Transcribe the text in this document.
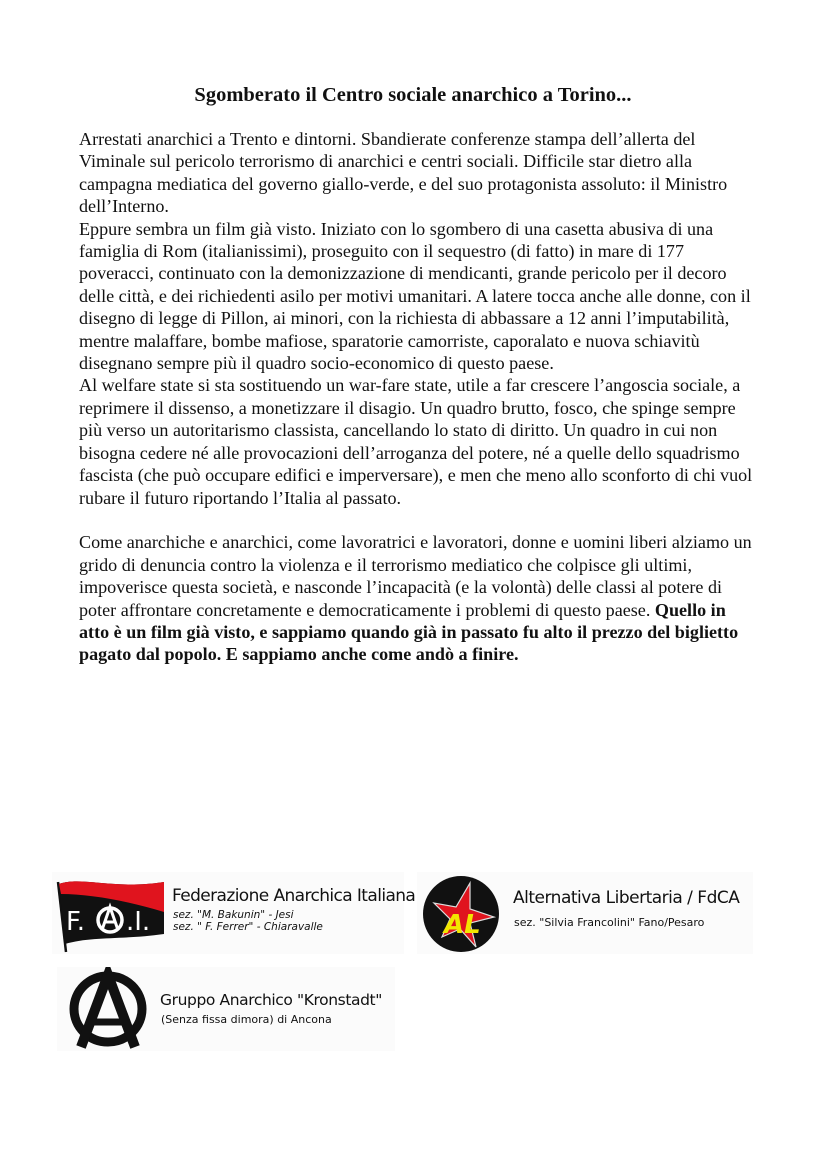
Sgomberato il Centro sociale anarchico a Torino...

Arrestati anarchici a Trento e dintorni. Sbandierate conferenze stampa dell’allerta del Viminale sul pericolo terrorismo di anarchici e centri sociali. Difficile star dietro alla campagna mediatica del governo giallo-verde, e del suo protagonista assoluto: il Ministro dell’Interno.

Eppure sembra un film già visto. Iniziato con lo sgombero di una casetta abusiva di una famiglia di Rom (italianissimi), proseguito con il sequestro (di fatto) in mare di 177 poveracci, continuato con la demonizzazione di mendicanti, grande pericolo per il decoro delle città, e dei richiedenti asilo per motivi umanitari. A latere tocca anche alle donne, con il disegno di legge di Pillon, ai minori, con la richiesta di abbassare a 12 anni l’imputabilità, mentre malaffare, bombe mafiose, sparatorie camorriste, caporalato e nuova schiavitù disegnano sempre più il quadro socio-economico di questo paese.

Al welfare state si sta sostituendo un war-fare state, utile a far crescere l’angoscia sociale, a reprimere il dissenso, a monetizzare il disagio. Un quadro brutto, fosco, che spinge sempre più verso un autoritarismo classista, cancellando lo stato di diritto. Un quadro in cui non bisogna cedere né alle provocazioni dell’arroganza del potere, né a quelle dello squadrismo fascista (che può occupare edifici e imperversare), e men che meno allo sconforto di chi vuol rubare il futuro riportando l’Italia al passato.

Come anarchiche e anarchici, come lavoratrici e lavoratori, donne e uomini liberi alziamo un grido di denuncia contro la violenza e il terrorismo mediatico che colpisce gli ultimi, impoverisce questa società, e nasconde l’incapacità (e la volontà) delle classi al potere di poter affrontare concretamente e democraticamente i problemi di questo paese. Quello in atto è un film già visto, e sappiamo quando già in passato fu alto il prezzo del biglietto pagato dal popolo. E sappiamo anche come andò a finire.

F. .I.
Federazione Anarchica Italiana
sez. "M. Bakunin" - Jesi
sez. " F. Ferrer" - Chiaravalle	AL
Alternativa Libertaria / FdCA
sez. "Silvia Francolini" Fano/Pesaro
Gruppo Anarchico "Kronstadt"
(Senza fissa dimora) di Ancona
